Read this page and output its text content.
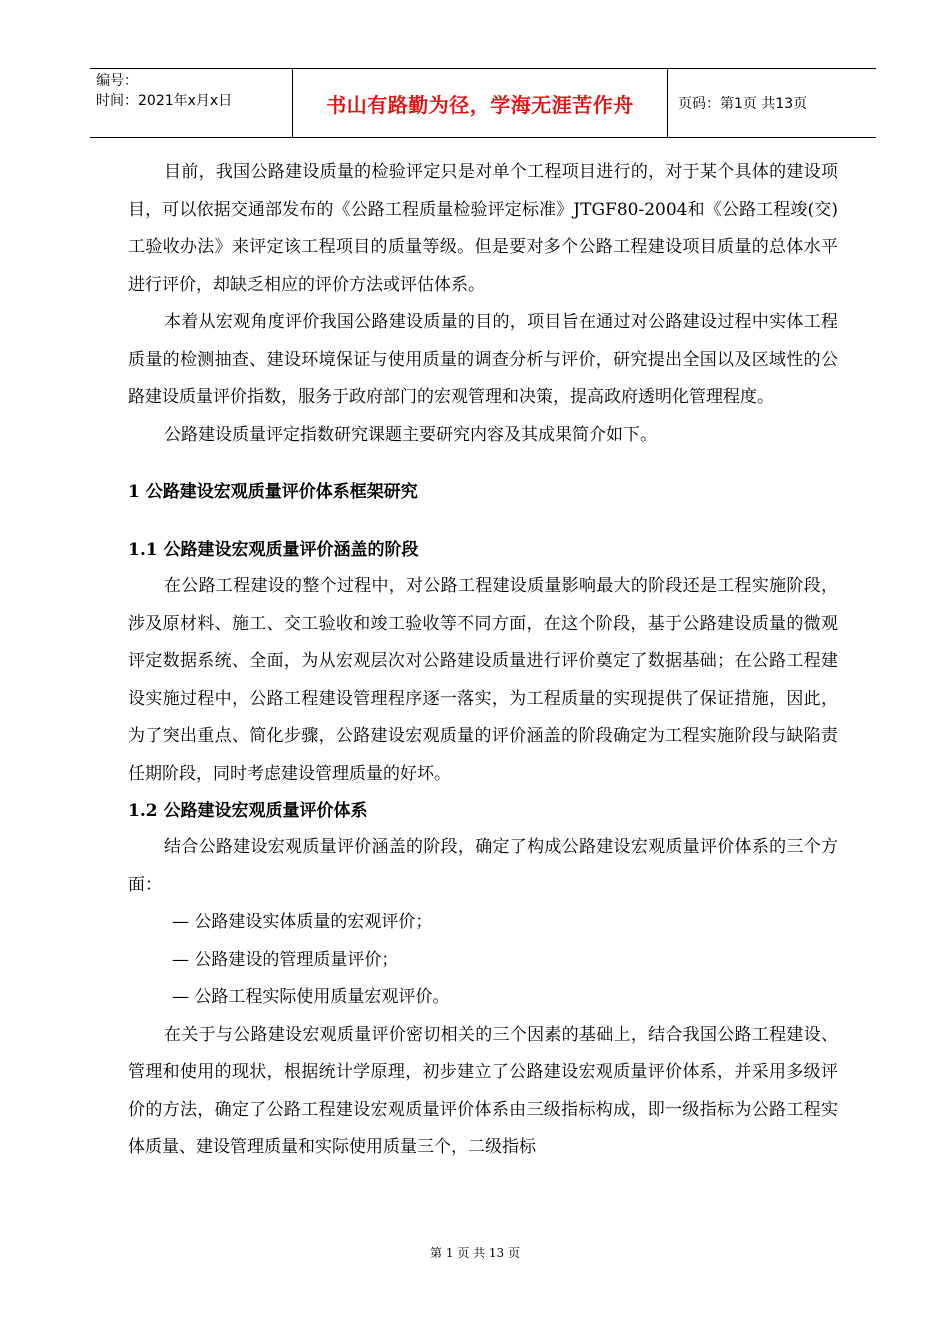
编号：
时间：2021年x月x日	书山有路勤为径，学海无涯苦作舟	页码：第1页 共13页

目前，我国公路建设质量的检验评定只是对单个工程项目进行的，对于某个具体的建设项目，可以依据交通部发布的《公路工程质量检验评定标准》JTGF80-2004和《公路工程竣(交)工验收办法》来评定该工程项目的质量等级。但是要对多个公路工程建设项目质量的总体水平进行评价，却缺乏相应的评价方法或评估体系。

本着从宏观角度评价我国公路建设质量的目的，项目旨在通过对公路建设过程中实体工程质量的检测抽查、建设环境保证与使用质量的调查分析与评价，研究提出全国以及区域性的公路建设质量评价指数，服务于政府部门的宏观管理和决策，提高政府透明化管理程度。

公路建设质量评定指数研究课题主要研究内容及其成果简介如下。

1 公路建设宏观质量评价体系框架研究
1.1 公路建设宏观质量评价涵盖的阶段

在公路工程建设的整个过程中，对公路工程建设质量影响最大的阶段还是工程实施阶段，涉及原材料、施工、交工验收和竣工验收等不同方面，在这个阶段，基于公路建设质量的微观评定数据系统、全面，为从宏观层次对公路建设质量进行评价奠定了数据基础；在公路工程建设实施过程中，公路工程建设管理程序逐一落实，为工程质量的实现提供了保证措施，因此，为了突出重点、简化步骤，公路建设宏观质量的评价涵盖的阶段确定为工程实施阶段与缺陷责任期阶段，同时考虑建设管理质量的好坏。

1.2 公路建设宏观质量评价体系

结合公路建设宏观质量评价涵盖的阶段，确定了构成公路建设宏观质量评价体系的三个方面：

— 公路建设实体质量的宏观评价；

— 公路建设的管理质量评价；

— 公路工程实际使用质量宏观评价。

在关于与公路建设宏观质量评价密切相关的三个因素的基础上，结合我国公路工程建设、管理和使用的现状，根据统计学原理，初步建立了公路建设宏观质量评价体系，并采用多级评价的方法，确定了公路工程建设宏观质量评价体系由三级指标构成，即一级指标为公路工程实体质量、建设管理质量和实际使用质量三个，二级指标

第 1 页 共 13 页
